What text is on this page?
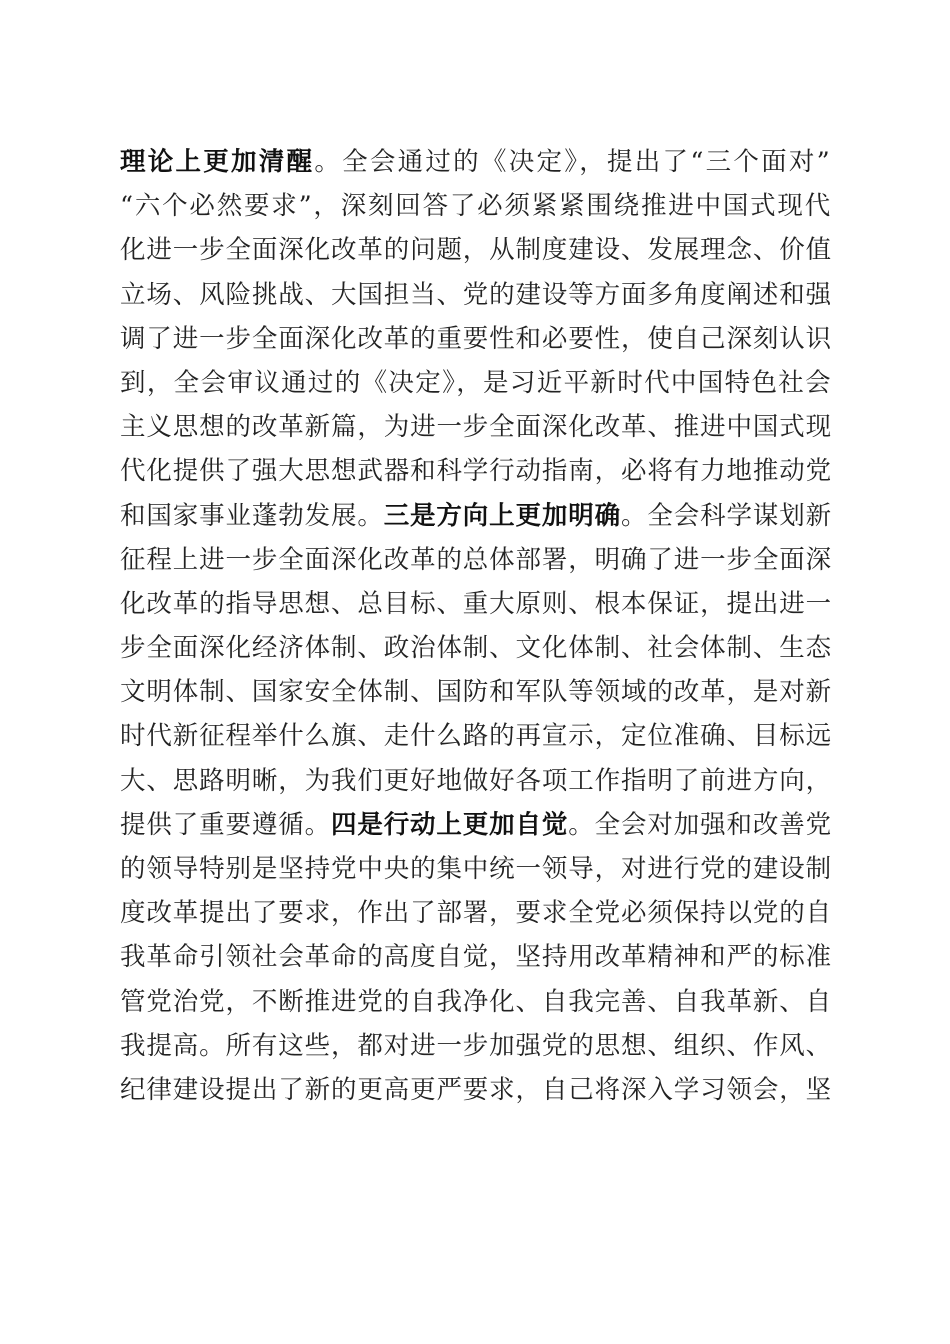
理论上更加清醒。全会通过的《决定》，提出了“三个面对”
“六个必然要求”，深刻回答了必须紧紧围绕推进中国式现代
化进一步全面深化改革的问题，从制度建设、发展理念、价值
立场、风险挑战、大国担当、党的建设等方面多角度阐述和强
调了进一步全面深化改革的重要性和必要性，使自己深刻认识
到，全会审议通过的《决定》，是习近平新时代中国特色社会
主义思想的改革新篇，为进一步全面深化改革、推进中国式现
代化提供了强大思想武器和科学行动指南，必将有力地推动党
和国家事业蓬勃发展。三是方向上更加明确。全会科学谋划新
征程上进一步全面深化改革的总体部署，明确了进一步全面深
化改革的指导思想、总目标、重大原则、根本保证，提出进一
步全面深化经济体制、政治体制、文化体制、社会体制、生态
文明体制、国家安全体制、国防和军队等领域的改革，是对新
时代新征程举什么旗、走什么路的再宣示，定位准确、目标远
大、思路明晰，为我们更好地做好各项工作指明了前进方向，
提供了重要遵循。四是行动上更加自觉。全会对加强和改善党
的领导特别是坚持党中央的集中统一领导，对进行党的建设制
度改革提出了要求，作出了部署，要求全党必须保持以党的自
我革命引领社会革命的高度自觉，坚持用改革精神和严的标准
管党治党，不断推进党的自我净化、自我完善、自我革新、自
我提高。所有这些，都对进一步加强党的思想、组织、作风、
纪律建设提出了新的更高更严要求，自己将深入学习领会，坚
